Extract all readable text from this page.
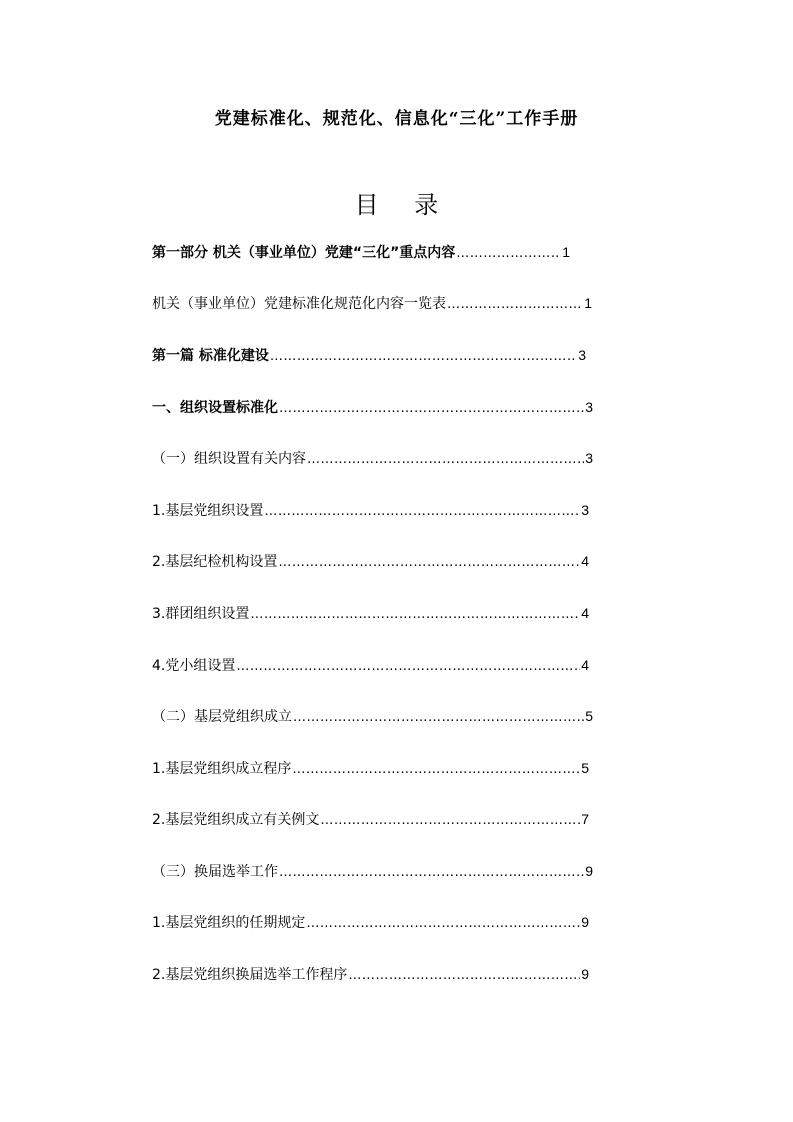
党建标准化、规范化、信息化“三化”工作手册
目 录
第一部分 机关（事业单位）党建“三化”重点内容 …………………………………………………………………………………………………………………………………	1
机关（事业单位）党建标准化规范化内容一览表 …………………………………………………………………………………………………………………………………	1
第一篇 标准化建设 …………………………………………………………………………………………………………………………………	3
一、组织设置标准化 …………………………………………………………………………………………………………………………………	3
（一）组织设置有关内容 …………………………………………………………………………………………………………………………………	3
1.基层党组织设置 …………………………………………………………………………………………………………………………………	3
2.基层纪检机构设置 …………………………………………………………………………………………………………………………………	4
3.群团组织设置 …………………………………………………………………………………………………………………………………	4
4.党小组设置 …………………………………………………………………………………………………………………………………	4
（二）基层党组织成立 …………………………………………………………………………………………………………………………………	5
1.基层党组织成立程序 …………………………………………………………………………………………………………………………………	5
2.基层党组织成立有关例文 …………………………………………………………………………………………………………………………………	7
（三）换届选举工作 …………………………………………………………………………………………………………………………………	9
1.基层党组织的任期规定 …………………………………………………………………………………………………………………………………	9
2.基层党组织换届选举工作程序 …………………………………………………………………………………………………………………………………	9
